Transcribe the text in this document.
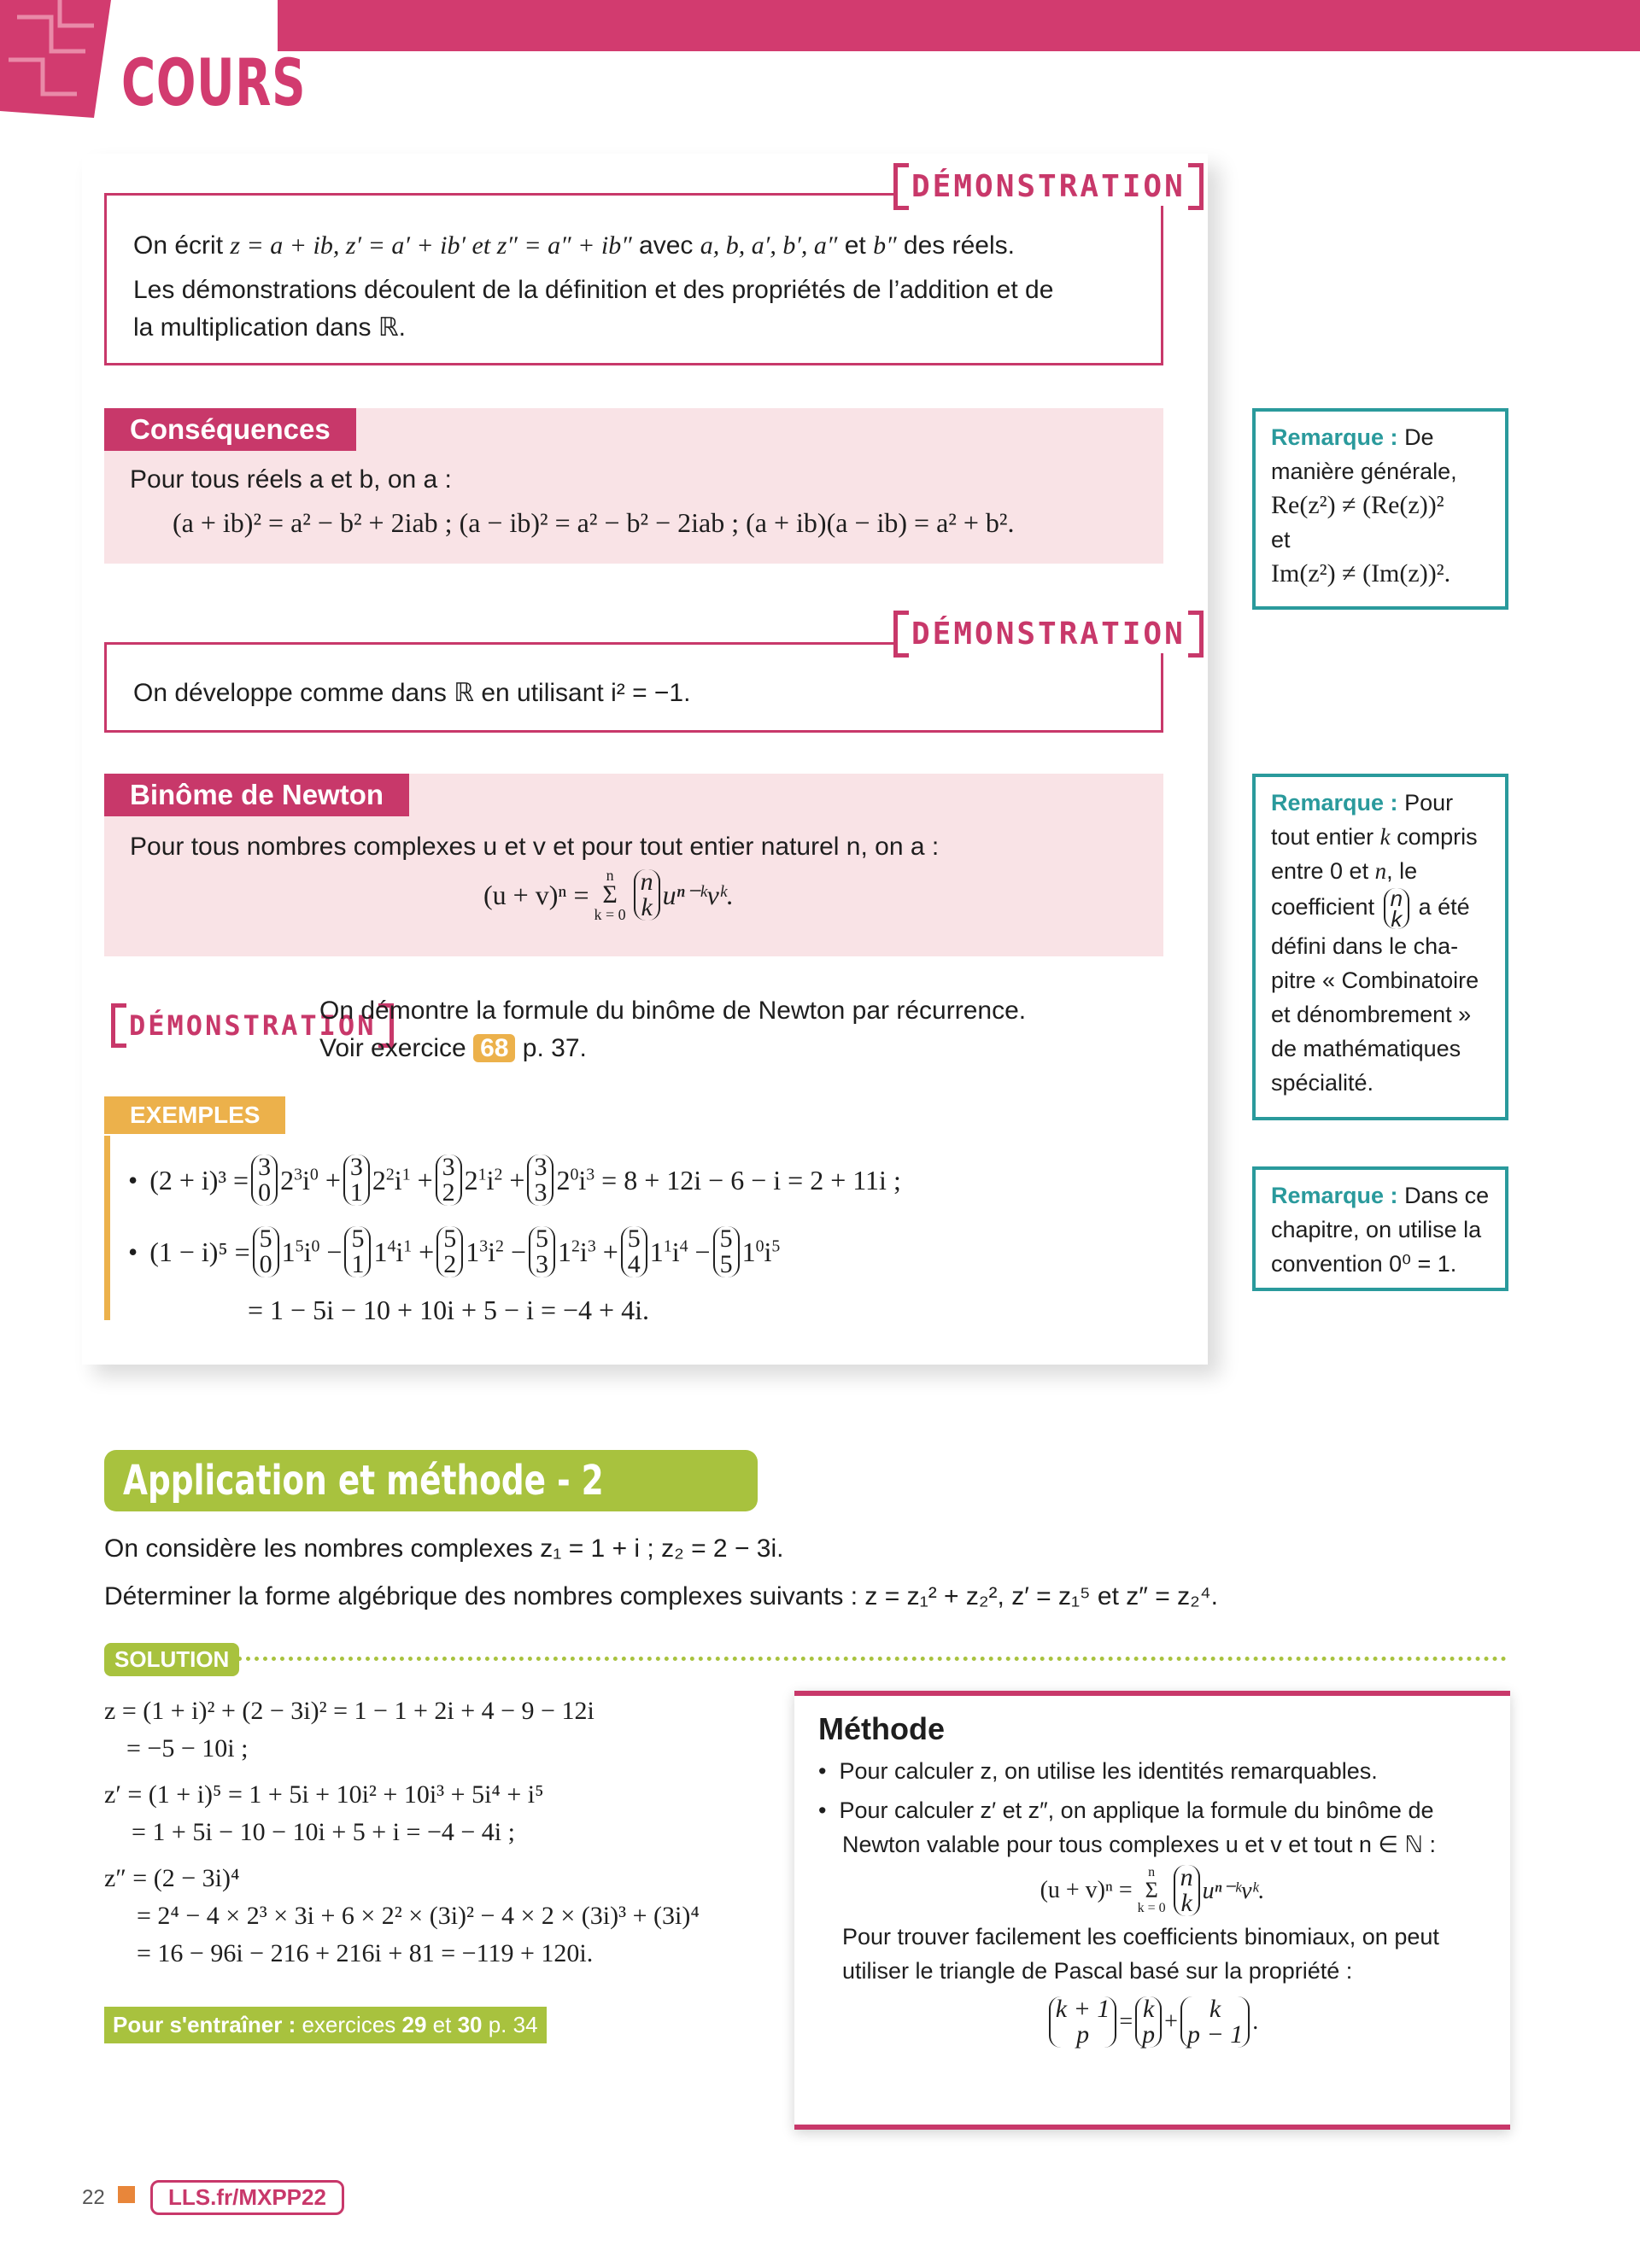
COURS
DÉMONSTRATION
On écrit z = a + ib, z′ = a′ + ib′ et z″ = a″ + ib″ avec a, b, a′, b′, a″ et b″ des réels.
Les démonstrations découlent de la définition et des propriétés de l’addition et de
la multiplication dans ℝ.
Conséquences
Pour tous réels a et b, on a :
(a + ib)² = a² − b² + 2iab ; (a − ib)² = a² − b² − 2iab ; (a + ib)(a − ib) = a² + b².
DÉMONSTRATION
On développe comme dans ℝ en utilisant i² = −1.
Binôme de Newton
Pour tous nombres complexes u et v et pour tout entier naturel n, on a :
(u + v)ⁿ =
n
Σ
k = 0
n
k uⁿ⁻ᵏvᵏ.
DÉMONSTRATION
On démontre la formule du binôme de Newton par récurrence.
Voir exercice 68 p. 37.
EXEMPLES
• (2 + i)³ = 3
0 $2^3i^0 + 3$
1 $2^2i^1 + 3$
2 $2^1i^2 + 3$
3 $2^0i^3 = 8 + 12i - 6 - i = 2 + 11i$ ;
• (1 − i)⁵ = 5
0 $1^5i^0 - 5$
1 $1^4i^1 + 5$
2 $1^3i^2 - 5$
3 $1^2i^3 + 5$
4 $1^1i^4 - 5$
5 $1^0i^5$
= 1 − 5i − 10 + 10i + 5 − i = −4 + 4i.
Remarque : De manière générale,
Re(z²) ≠ (Re(z))²
et
Im(z²) ≠ (Im(z))².
Remarque : Pour tout entier k compris entre 0 et n, le
coefficient n
k a été défini dans le cha-pitre « Combinatoire et dénombrement » de mathématiques spécialité.
Remarque : Dans ce chapitre, on utilise la convention 0⁰ = 1.
Application et méthode - 2
On considère les nombres complexes z₁ = 1 + i ; z₂ = 2 − 3i.
Déterminer la forme algébrique des nombres complexes suivants : z = z₁² + z₂², z′ = z₁⁵ et z″ = z₂⁴.
SOLUTION
z = (1 + i)² + (2 − 3i)² = 1 − 1 + 2i + 4 − 9 − 12i
= −5 − 10i ;
z′ = (1 + i)⁵ = 1 + 5i + 10i² + 10i³ + 5i⁴ + i⁵
= 1 + 5i − 10 − 10i + 5 + i = −4 − 4i ;
z″ = (2 − 3i)⁴
= 2⁴ − 4 × 2³ × 3i + 6 × 2² × (3i)² − 4 × 2 × (3i)³ + (3i)⁴
= 16 − 96i − 216 + 216i + 81 = −119 + 120i.
Pour s'entraîner : exercices 29 et 30 p. 34
Méthode
•  Pour calculer z, on utilise les identités remarquables.
•  Pour calculer z′ et z″, on applique la formule du binôme de
Newton valable pour tous complexes u et v et tout n ∈ ℕ :
(u + v)ⁿ =
n
Σ
k = 0
n
k uⁿ⁻ᵏvᵏ.
Pour trouver facilement les coefficients binomiaux, on peut
utiliser le triangle de Pascal basé sur la propriété :
k + 1
p	= k
p +	k
p − 1 .
22	LLS.fr/MXPP22
